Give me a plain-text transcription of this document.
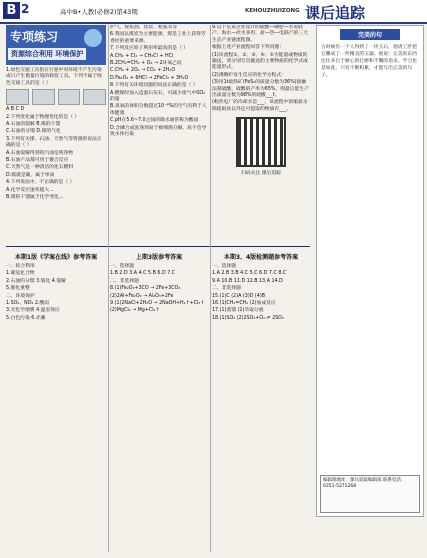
B 2	高中B•人教(必修2)第43期	KEHOUZHUIZONG 课后追踪
专项练习
资源综合利用 环境保护

1.绿色交通工具指在行驶中对环境不产生污染或只产生微量污染的载客工具。下列不属于绿色交通工具的是（ ）

A B C D

2.下列变化属于物理变化的是（ ）

A.石油的裂解 B.煤的干馏

C.石油的分馏 D.煤的气化

3.下列有关煤、石油、天然气等资源的说法正确的是（ ）

A.石油裂解得到的汽油是纯净物

B.石油产品都可用于聚合反应

C.天然气是一种清洁的化石燃料

D.煤就是碳，属于单质

4.下列说法中，不正确的是（ ）

A.化学反应速率越大...

B.煤的干馏属于化学变化...

护气、煤焦油、焦炭、粗氨水等

6.我国以煤炭为主要能源，煤是工业上获得芳香烃的重要来源。

7.下列反应原子利用率最高的是（ ）

A.CH₄ + Cl₂ → CH₃Cl + HCl

B.2CH₂=CH₂ + O₂ → 2环氧乙烷

C.CH₄ + 2O₂ → CO₂ + 2H₂O

D.Fe₂O₃ + 6HCl → 2FeCl₃ + 3H₂O

8.下列有关环境问题的说法正确的是（ ）

A.燃煤时加入适量石灰石，可减少废气中SO₂的量

B.臭氧的体积分数超过10⁻⁴%的空气有利于人体健康

C.pH在5.6~7.0之间的降水通常称为酸雨

D.含磷合成洗涤剂易于被细菌分解，故不会导致水体污染

9.以下是某企业设计的硫酸—磷肥—水泥联产、海水—淡水多用、盐—热—电联产的三大生态产业链流程图。

根据上述产业流程回答下列问题：

(1)该流程①、②、③、④、⑤为能量或物质的输送，请分别写出输送的主要物质的化学式或能量形式。

(2)沸腾炉发生反应的化学方程式：

(3)用1t硫铁矿(FeS₂的质量分数为36%)接触法制硫酸，硫酸的产率为65%，则最后能生产出质量分数为98%的硫酸___t。

(4)热电厂的冷却水是___，该流程中浓缩盐水除提取盐以外还可提取的物质有___。

扫码关注 课后追踪
本期1版《学案在线》参考答案

一、综合利用

1.碳氢化合物

2.石油的分馏 3.裂化 4.裂解

5.催化重整

二、环境保护

1.SO₂、NO₂ 2.酸雨

3.光化学烟雾 4.温室效应

5.白色污染 6.赤潮

上期3版参考答案

一、选择题

1.B 2.D 3.A 4.C 5.B 6.D 7.C

二、非选择题

8.(1)Fe₂O₃+3CO → 2Fe+3CO₂

(2)2Al+Fe₂O₃ → Al₂O₃+2Fe

9.(1)2NaCl+2H₂O → 2NaOH+H₂↑+Cl₂↑

(2)MgCl₂ → Mg+Cl₂↑

本期3、4版检测题参考答案

一、选择题

1.A 2.B 3.B 4.C 5.C 6.D 7.C 8.C

9.A 10.B 11.D 12.B 13.A 14.D

二、非选择题

15.(1)C (2)A (3)D (4)B

16.(1)CH₂=CH₂ (2)加成反应

17.(1)蒸馏 (2)萃取分液

18.(1)SO₂ (2)2SO₂+O₂ ⇌ 2SO₃

完美的句
古时候有一个人得到了一块玉石，他请工匠把它雕成了一件精美的玉器。他说：完美的东西往往来自于耐心的打磨和不懈的追求。学习也是如此，只有不断积累，才能写出完美的句子。
编辑部地址：课后追踪编辑部 联系电话：0351-5271268
